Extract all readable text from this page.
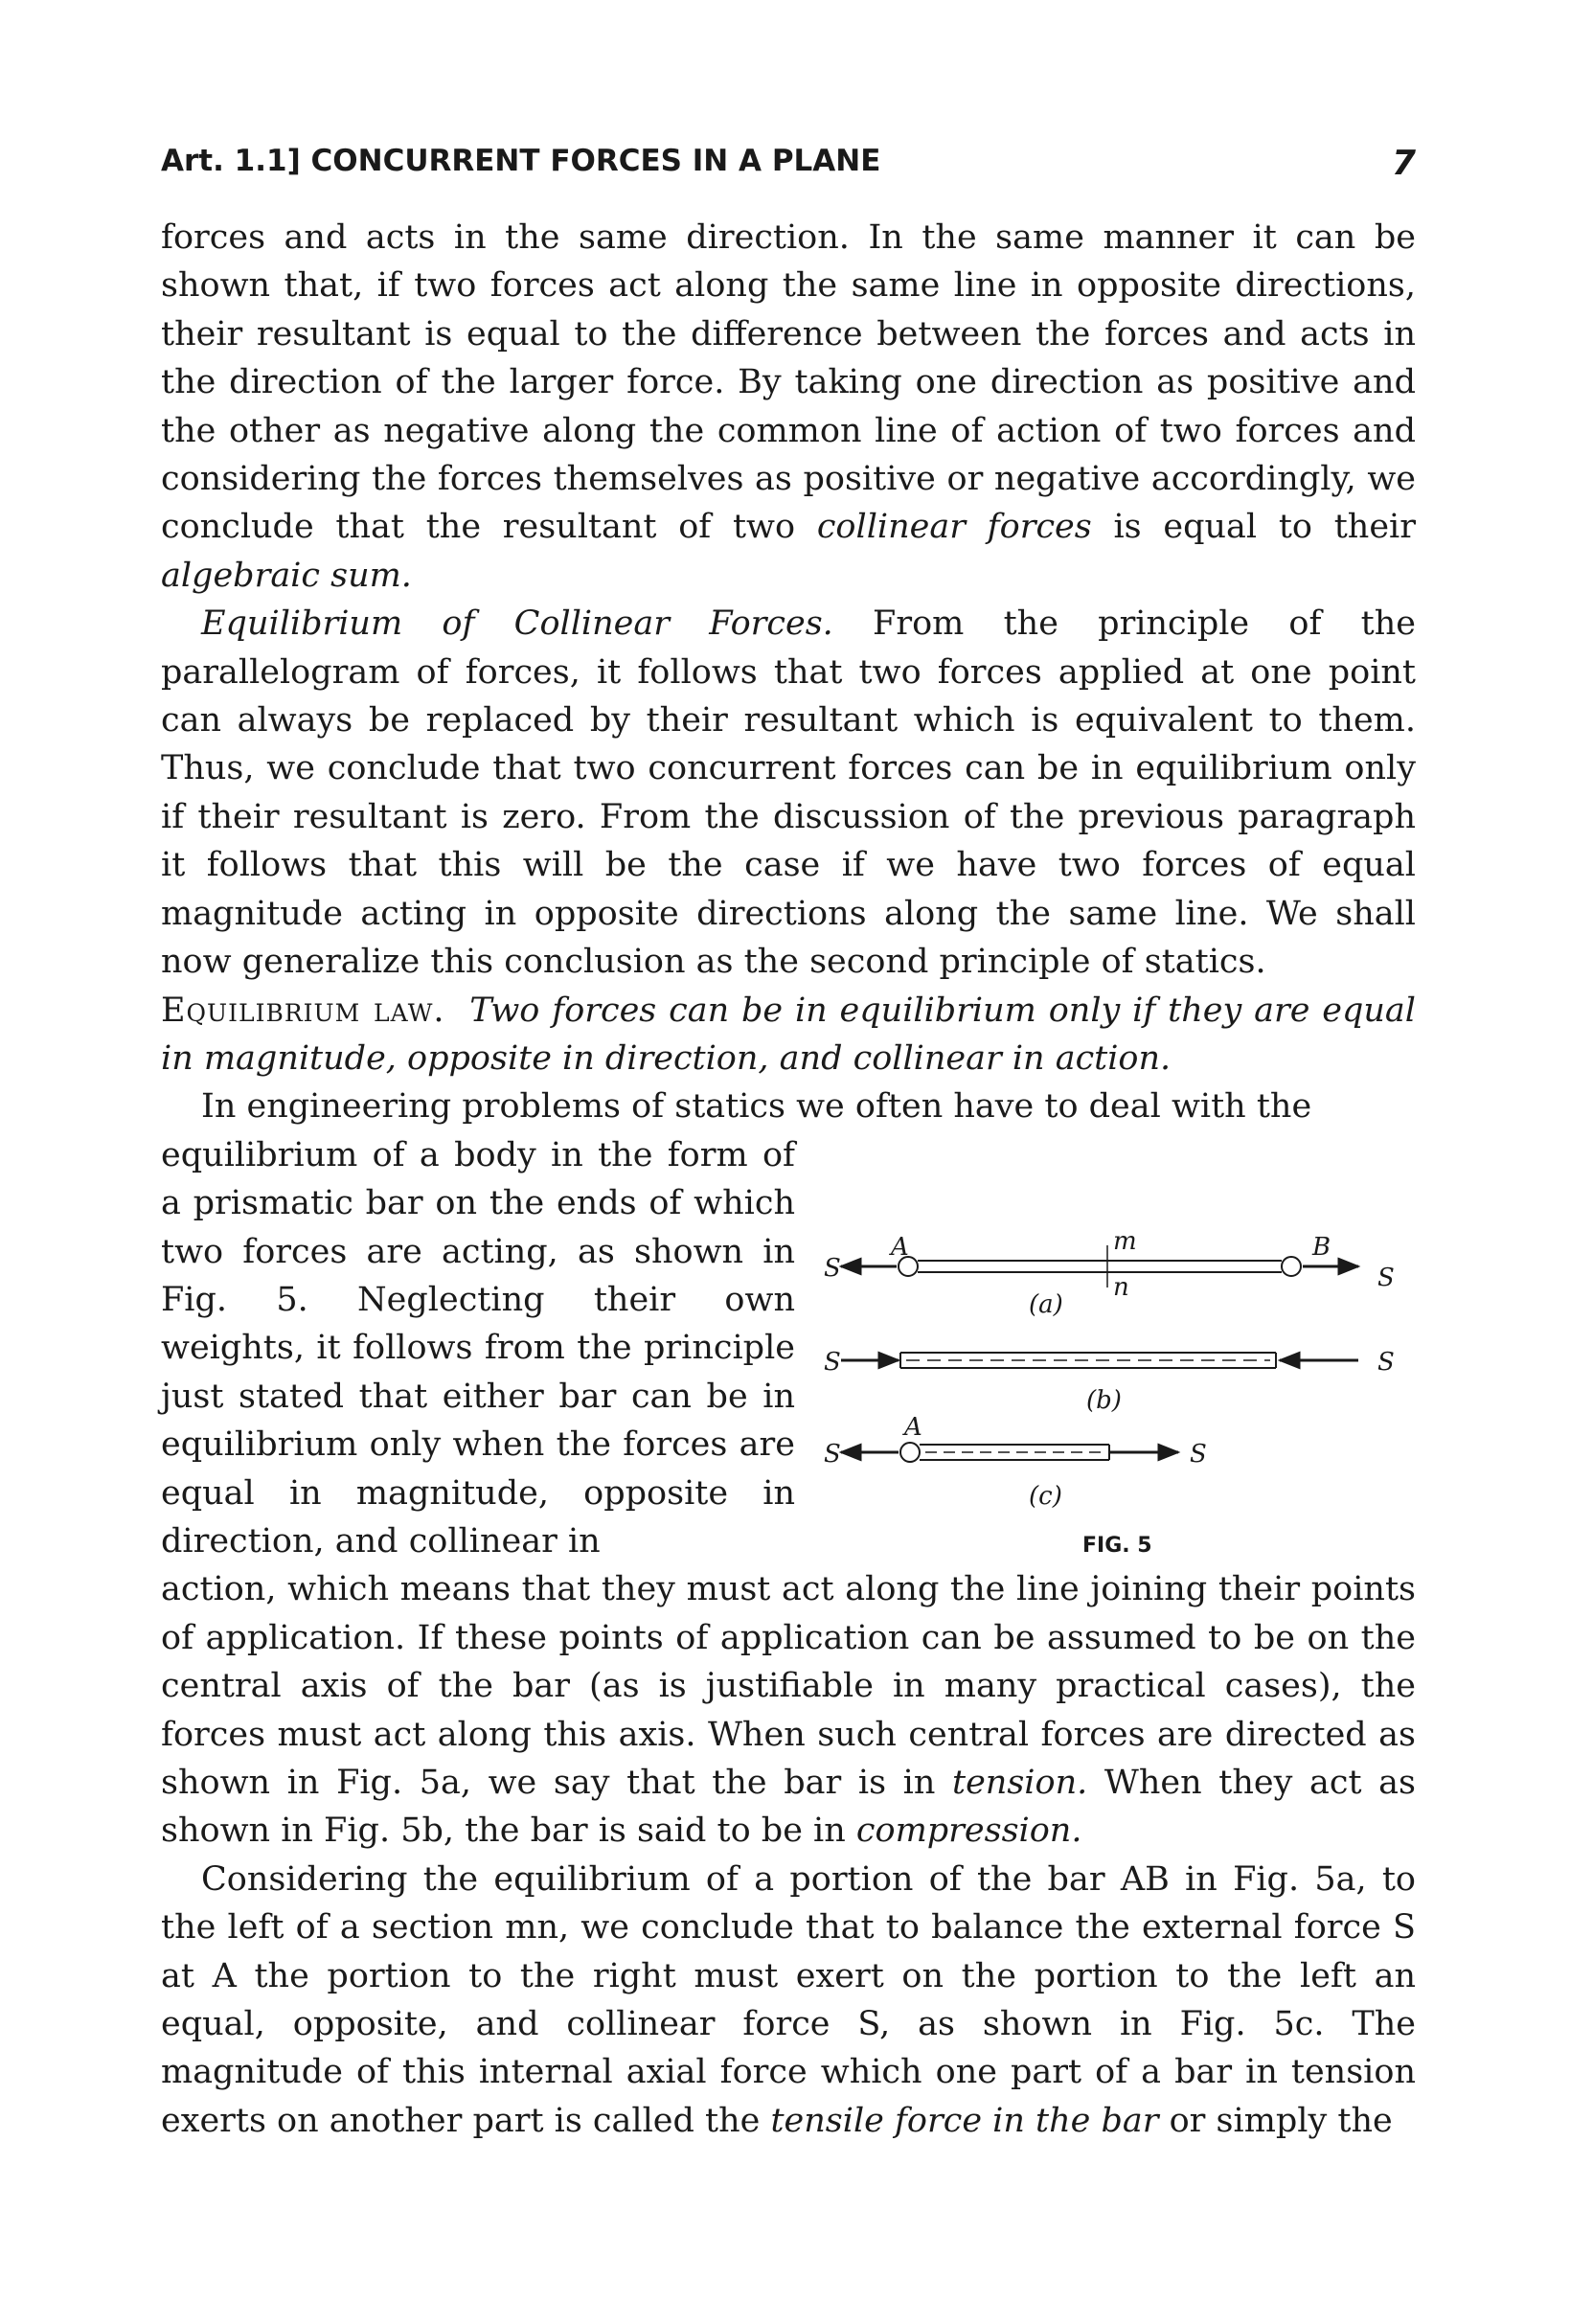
Art. 1.1] CONCURRENT FORCES IN A PLANE	7

forces and acts in the same direction. In the same manner it can be shown that, if two forces act along the same line in opposite directions, their resultant is equal to the difference between the forces and acts in the direction of the larger force. By taking one direction as positive and the other as negative along the common line of action of two forces and considering the forces themselves as positive or negative accordingly, we conclude that the resultant of two collinear forces is equal to their algebraic sum.

Equilibrium of Collinear Forces. From the principle of the parallelogram of forces, it follows that two forces applied at one point can always be replaced by their resultant which is equivalent to them. Thus, we conclude that two concurrent forces can be in equilibrium only if their resultant is zero. From the discussion of the previous paragraph it follows that this will be the case if we have two forces of equal magnitude acting in opposite directions along the same line. We shall now generalize this conclusion as the second principle of statics.

Equilibrium law. Two forces can be in equilibrium only if they are equal in magnitude, opposite in direction, and collinear in action.

In engineering problems of statics we often have to deal with the

equilibrium of a body in the form of a prismatic bar on the ends of which two forces are acting, as shown in Fig. 5. Neglecting their own weights, it follows from the principle just stated that either bar can be in equilibrium only when the forces are equal in magnitude, opposite in direction, and collinear in

action, which means that they must act along the line joining their points of application. If these points of application can be assumed to be on the central axis of the bar (as is justifiable in many practical cases), the forces must act along this axis. When such central forces are directed as shown in Fig. 5a, we say that the bar is in tension. When they act as shown in Fig. 5b, the bar is said to be in compression.

Considering the equilibrium of a portion of the bar AB in Fig. 5a, to the left of a section mn, we conclude that to balance the external force S at A the portion to the right must exert on the portion to the left an equal, opposite, and collinear force S, as shown in Fig. 5c. The magnitude of this internal axial force which one part of a bar in tension exerts on another part is called the tensile force in the bar or simply the

S
A	m
n
B
S
(a)
S	S
(b)
S
A
S
(c)
FIG. 5
